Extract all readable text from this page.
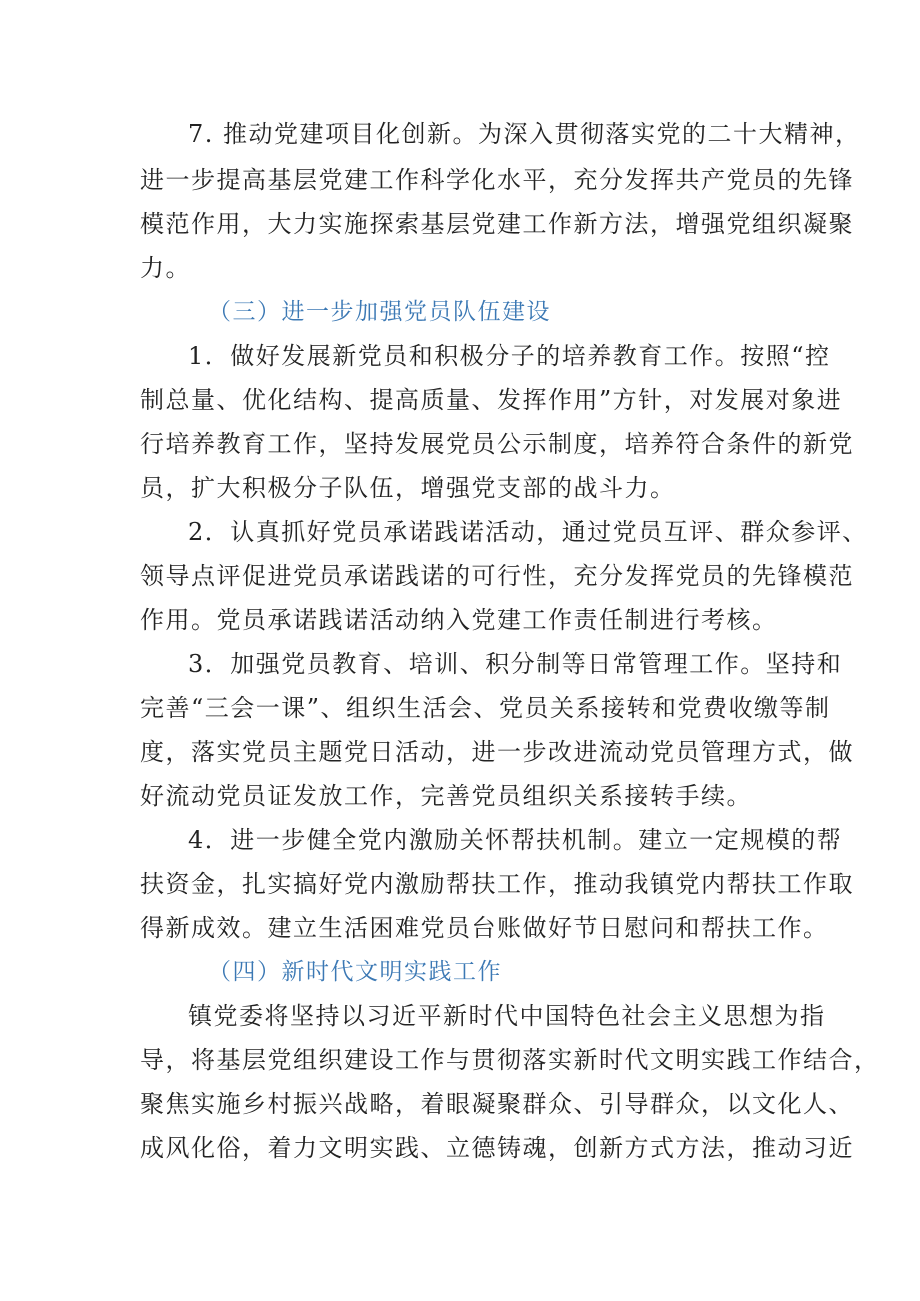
7. 推动党建项目化创新。为深入贯彻落实党的二十大精神，
进一步提高基层党建工作科学化水平，充分发挥共产党员的先锋
模范作用，大力实施探索基层党建工作新方法，增强党组织凝聚
力。
（三）进一步加强党员队伍建设
1．做好发展新党员和积极分子的培养教育工作。按照“控
制总量、优化结构、提高质量、发挥作用”方针，对发展对象进
行培养教育工作，坚持发展党员公示制度，培养符合条件的新党
员，扩大积极分子队伍，增强党支部的战斗力。
2．认真抓好党员承诺践诺活动，通过党员互评、群众参评、
领导点评促进党员承诺践诺的可行性，充分发挥党员的先锋模范
作用。党员承诺践诺活动纳入党建工作责任制进行考核。
3．加强党员教育、培训、积分制等日常管理工作。坚持和
完善“三会一课”、组织生活会、党员关系接转和党费收缴等制
度，落实党员主题党日活动，进一步改进流动党员管理方式，做
好流动党员证发放工作，完善党员组织关系接转手续。
4．进一步健全党内激励关怀帮扶机制。建立一定规模的帮
扶资金，扎实搞好党内激励帮扶工作，推动我镇党内帮扶工作取
得新成效。建立生活困难党员台账做好节日慰问和帮扶工作。
（四）新时代文明实践工作
镇党委将坚持以习近平新时代中国特色社会主义思想为指
导，将基层党组织建设工作与贯彻落实新时代文明实践工作结合，
聚焦实施乡村振兴战略，着眼凝聚群众、引导群众，以文化人、
成风化俗，着力文明实践、立德铸魂，创新方式方法，推动习近
